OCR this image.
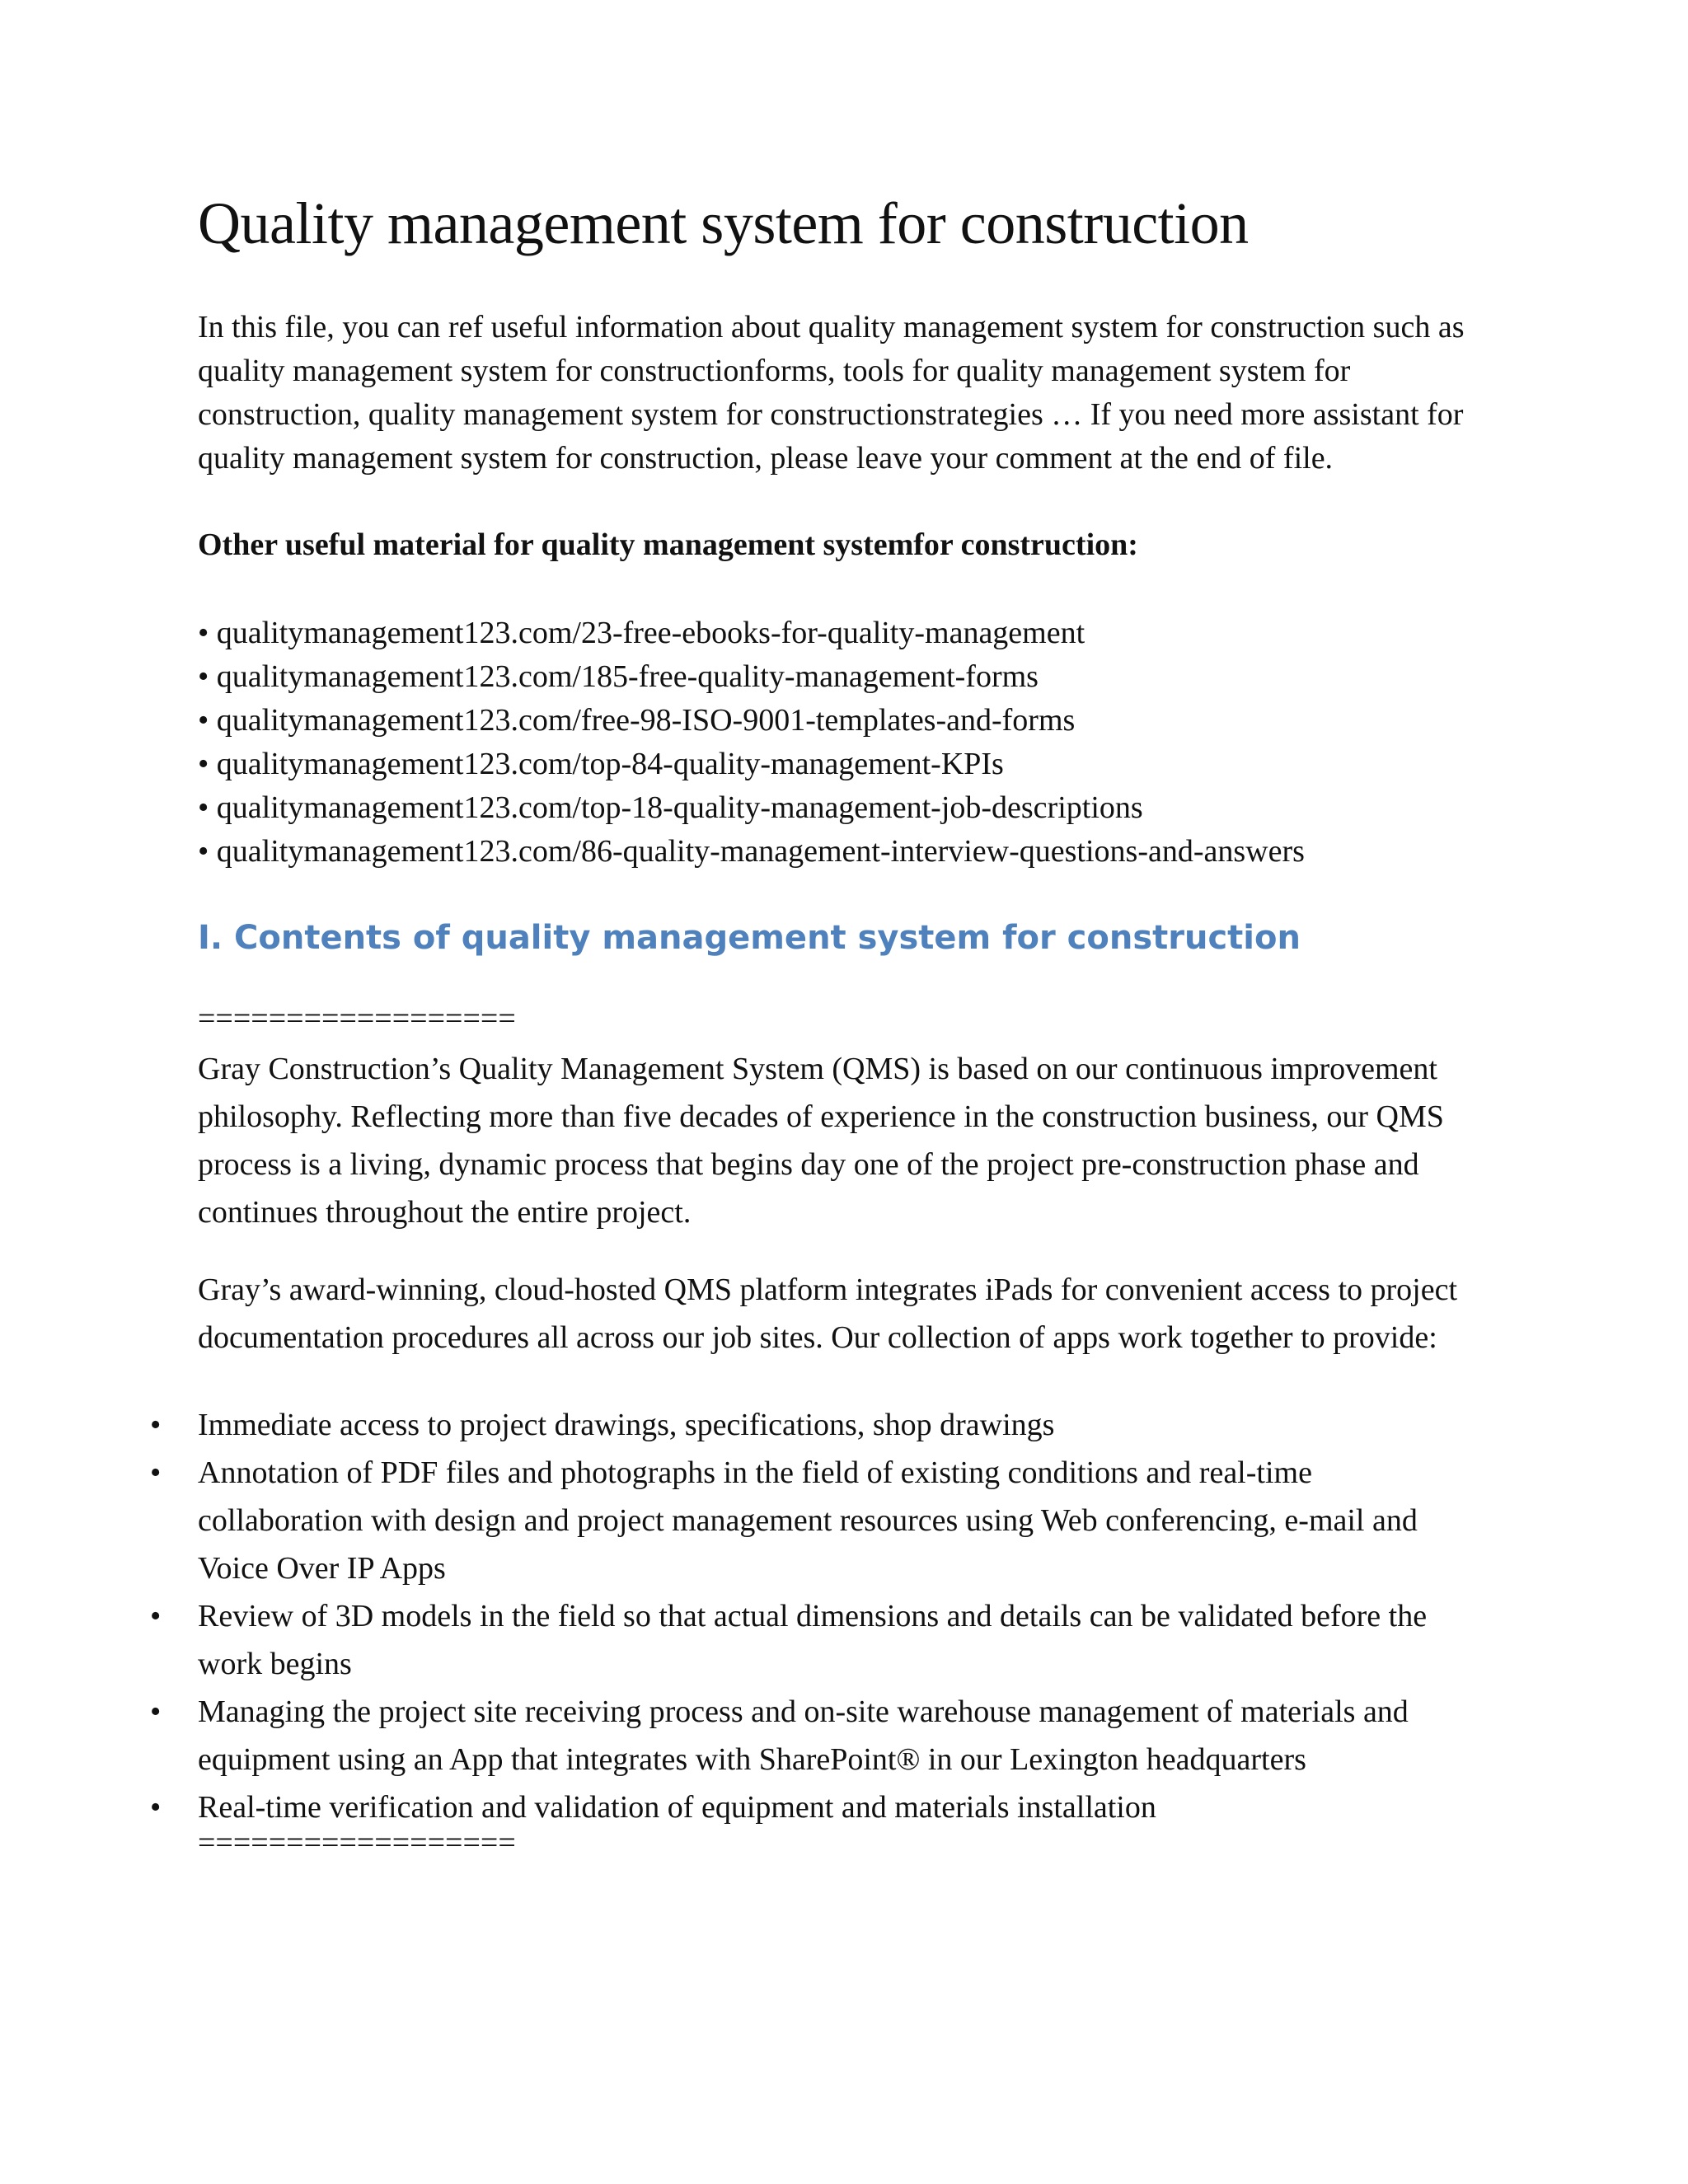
Quality management system for construction

In this file, you can ref useful information about quality management system for construction such as quality management system for constructionforms, tools for quality management system for construction, quality management system for constructionstrategies … If you need more assistant for quality management system for construction, please leave your comment at the end of file.

Other useful material for quality management systemfor construction:

• qualitymanagement123.com/23-free-ebooks-for-quality-management
• qualitymanagement123.com/185-free-quality-management-forms
• qualitymanagement123.com/free-98-ISO-9001-templates-and-forms
• qualitymanagement123.com/top-84-quality-management-KPIs
• qualitymanagement123.com/top-18-quality-management-job-descriptions
• qualitymanagement123.com/86-quality-management-interview-questions-and-answers
I. Contents of quality management system for construction
==================

Gray Construction’s Quality Management System (QMS) is based on our continuous improvement philosophy. Reflecting more than five decades of experience in the construction business, our QMS process is a living, dynamic process that begins day one of the project pre-construction phase and continues throughout the entire project.

Gray’s award-winning, cloud-hosted QMS platform integrates iPads for convenient access to project documentation procedures all across our job sites. Our collection of apps work together to provide:

• Immediate access to project drawings, specifications, shop drawings
• Annotation of PDF files and photographs in the field of existing conditions and real-time collaboration with design and project management resources using Web conferencing, e-mail and Voice Over IP Apps
• Review of 3D models in the field so that actual dimensions and details can be validated before the work begins
• Managing the project site receiving process and on-site warehouse management of materials and equipment using an App that integrates with SharePoint® in our Lexington headquarters
• Real-time verification and validation of equipment and materials installation
==================
